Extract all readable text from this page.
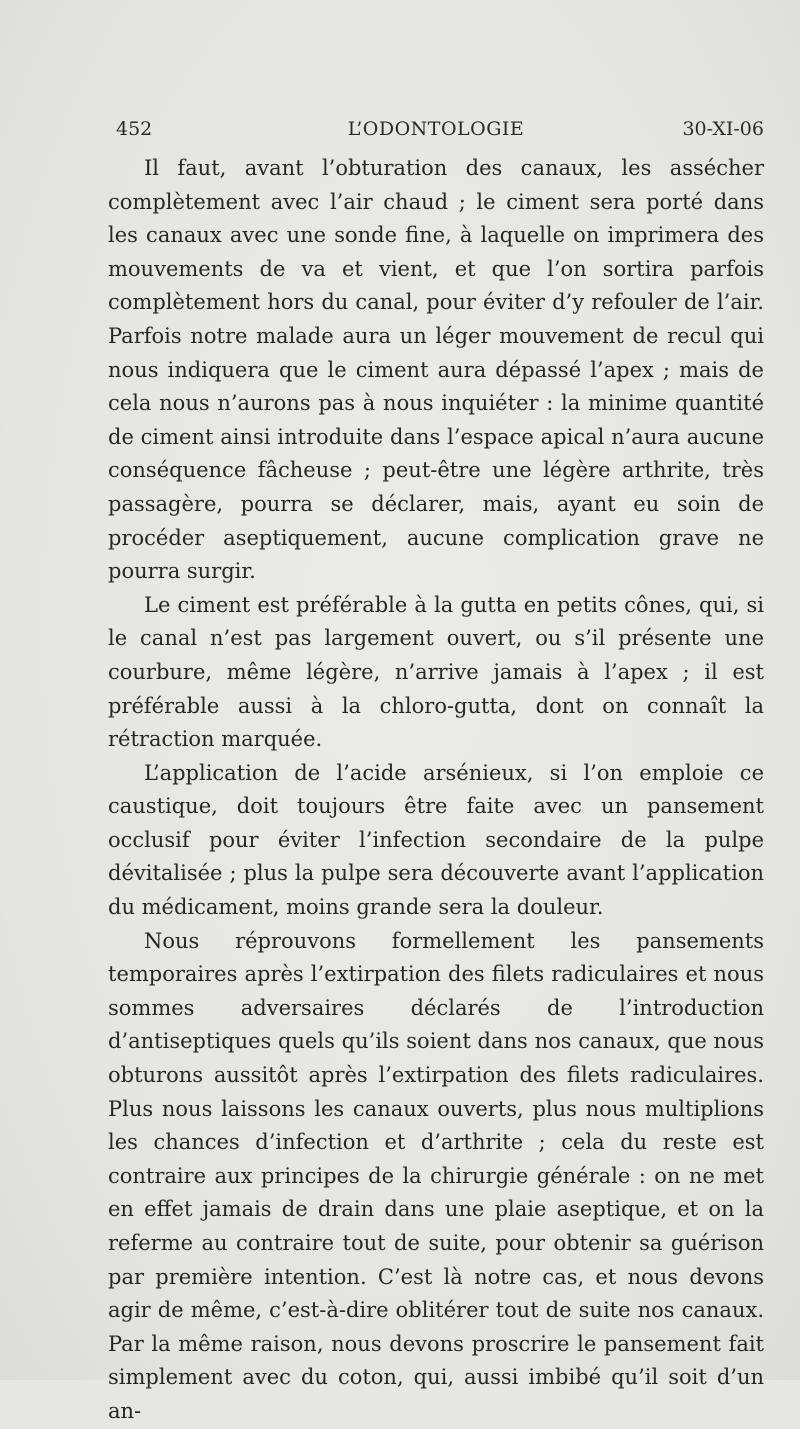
452	L’ODONTOLOGIE	30-XI-06

Il faut, avant l’obturation des canaux, les assécher complètement avec l’air chaud ; le ciment sera porté dans les canaux avec une sonde fine, à laquelle on imprimera des mouvements de va et vient, et que l’on sortira parfois complètement hors du canal, pour éviter d’y refouler de l’air. Parfois notre malade aura un léger mouvement de recul qui nous indiquera que le ciment aura dépassé l’apex ; mais de cela nous n’aurons pas à nous inquiéter : la minime quantité de ciment ainsi introduite dans l’espace apical n’aura aucune conséquence fâcheuse ; peut-être une légère arthrite, très passagère, pourra se déclarer, mais, ayant eu soin de procéder aseptiquement, aucune complication grave ne pourra surgir.

Le ciment est préférable à la gutta en petits cônes, qui, si le canal n’est pas largement ouvert, ou s’il présente une courbure, même légère, n’arrive jamais à l’apex ; il est préférable aussi à la chloro-gutta, dont on connaît la rétraction marquée.

L’application de l’acide arsénieux, si l’on emploie ce caustique, doit toujours être faite avec un pansement occlusif pour éviter l’infection secondaire de la pulpe dévitalisée ; plus la pulpe sera découverte avant l’application du médicament, moins grande sera la douleur.

Nous réprouvons formellement les pansements temporaires après l’extirpation des filets radiculaires et nous sommes adversaires déclarés de l’introduction d’antiseptiques quels qu’ils soient dans nos canaux, que nous obturons aussitôt après l’extirpation des filets radiculaires. Plus nous laissons les canaux ouverts, plus nous multiplions les chances d’infection et d’arthrite ; cela du reste est contraire aux principes de la chirurgie générale : on ne met en effet jamais de drain dans une plaie aseptique, et on la referme au contraire tout de suite, pour obtenir sa guérison par première intention. C’est là notre cas, et nous devons agir de même, c’est-à-dire oblitérer tout de suite nos canaux. Par la même raison, nous devons proscrire le pansement fait simplement avec du coton, qui, aussi imbibé qu’il soit d’un an-
